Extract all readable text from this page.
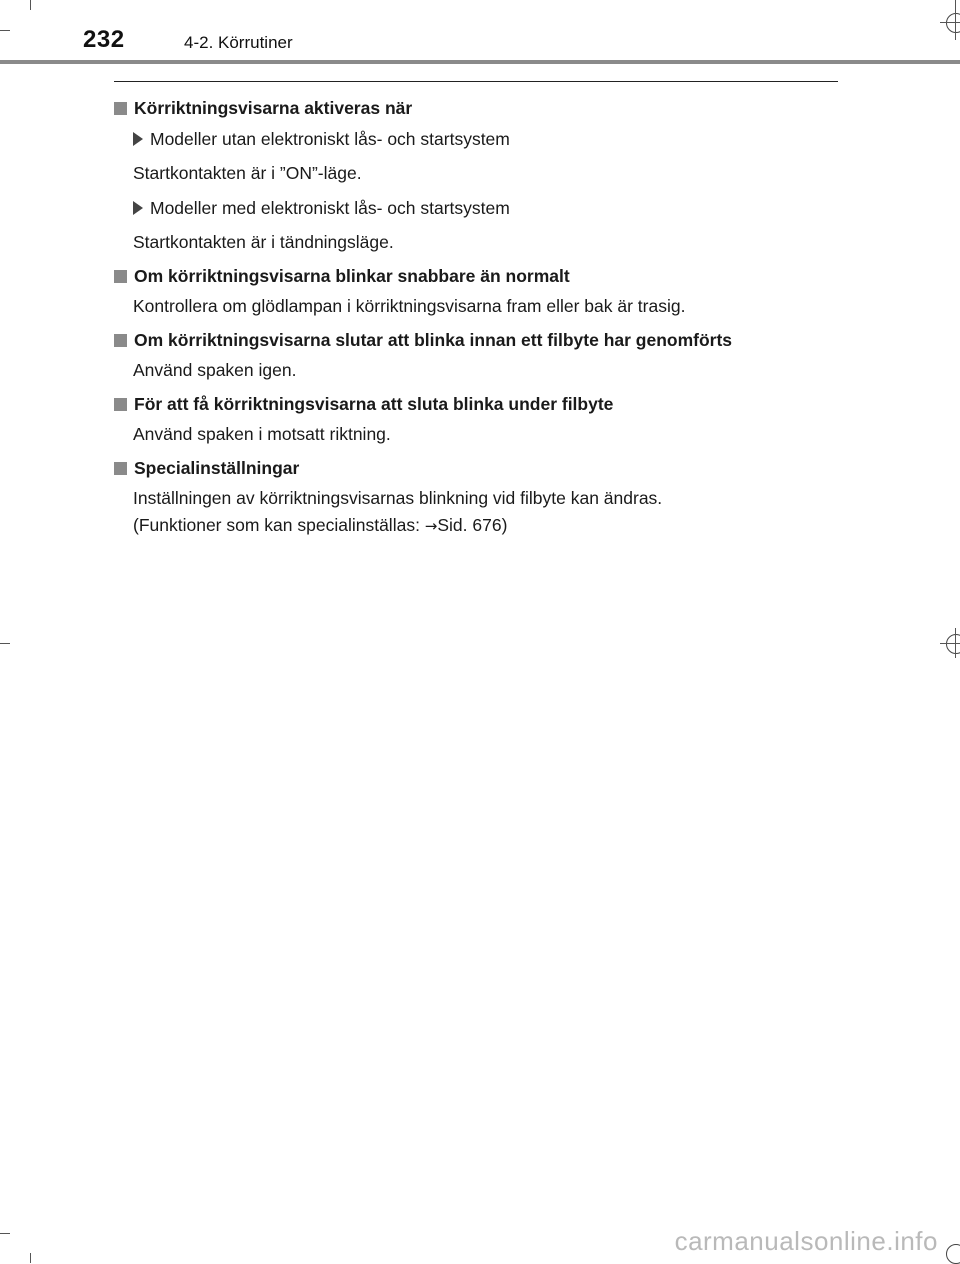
232	4-2. Körrutiner
Körriktningsvisarna aktiveras när
Modeller utan elektroniskt lås- och startsystem
Startkontakten är i ”ON”-läge.
Modeller med elektroniskt lås- och startsystem
Startkontakten är i tändningsläge.
Om körriktningsvisarna blinkar snabbare än normalt
Kontrollera om glödlampan i körriktningsvisarna fram eller bak är trasig.
Om körriktningsvisarna slutar att blinka innan ett filbyte har genomförts
Använd spaken igen.
För att få körriktningsvisarna att sluta blinka under filbyte
Använd spaken i motsatt riktning.
Specialinställningar
Inställningen av körriktningsvisarnas blinkning vid filbyte kan ändras.
(Funktioner som kan specialinställas: →Sid. 676)
carmanualsonline.info
